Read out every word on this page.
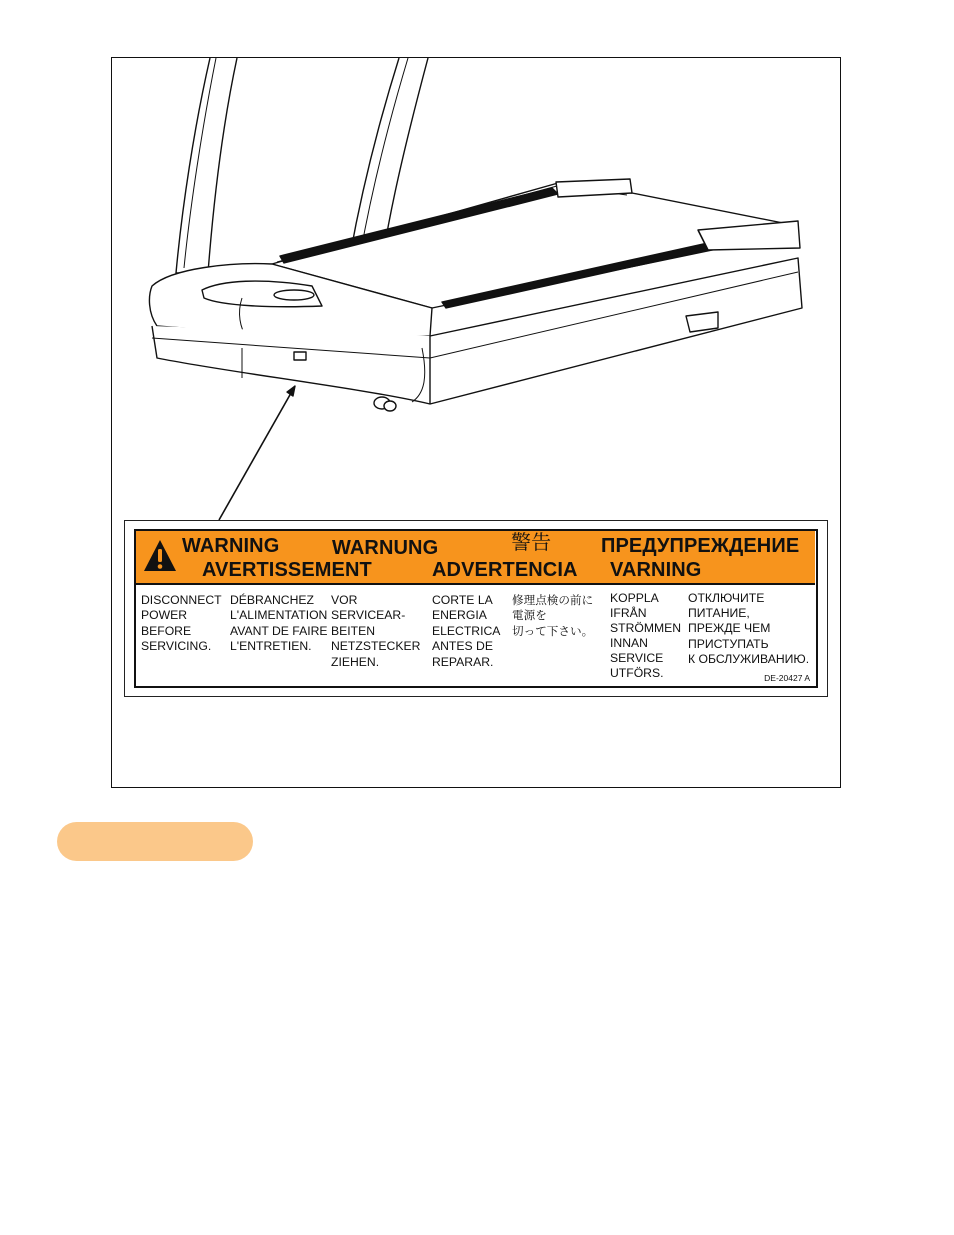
WARNING	WARNUNG	警告 ПРЕДУПРЕЖДЕНИЕ
AVERTISSEMENT	ADVERTENCIA VARNING
DISCONNECT
POWER
BEFORE
SERVICING.
DÉBRANCHEZ
L'ALIMENTATION
AVANT DE FAIRE
L'ENTRETIEN.
VOR
SERVICEAR-
BEITEN
NETZSTECKER
ZIEHEN.
CORTE LA
ENERGIA
ELECTRICA
ANTES DE
REPARAR.
修理点検の前に
電源を
切って下さい。
KOPPLA
IFRÅN
STRÖMMEN
INNAN
SERVICE
UTFÖRS.
ОТКЛЮЧИТЕ
ПИТАНИЕ,
ПРЕЖДЕ ЧЕМ
ПРИСТУПАТЬ
К ОБСЛУЖИВАНИЮ.
DE-20427 A
